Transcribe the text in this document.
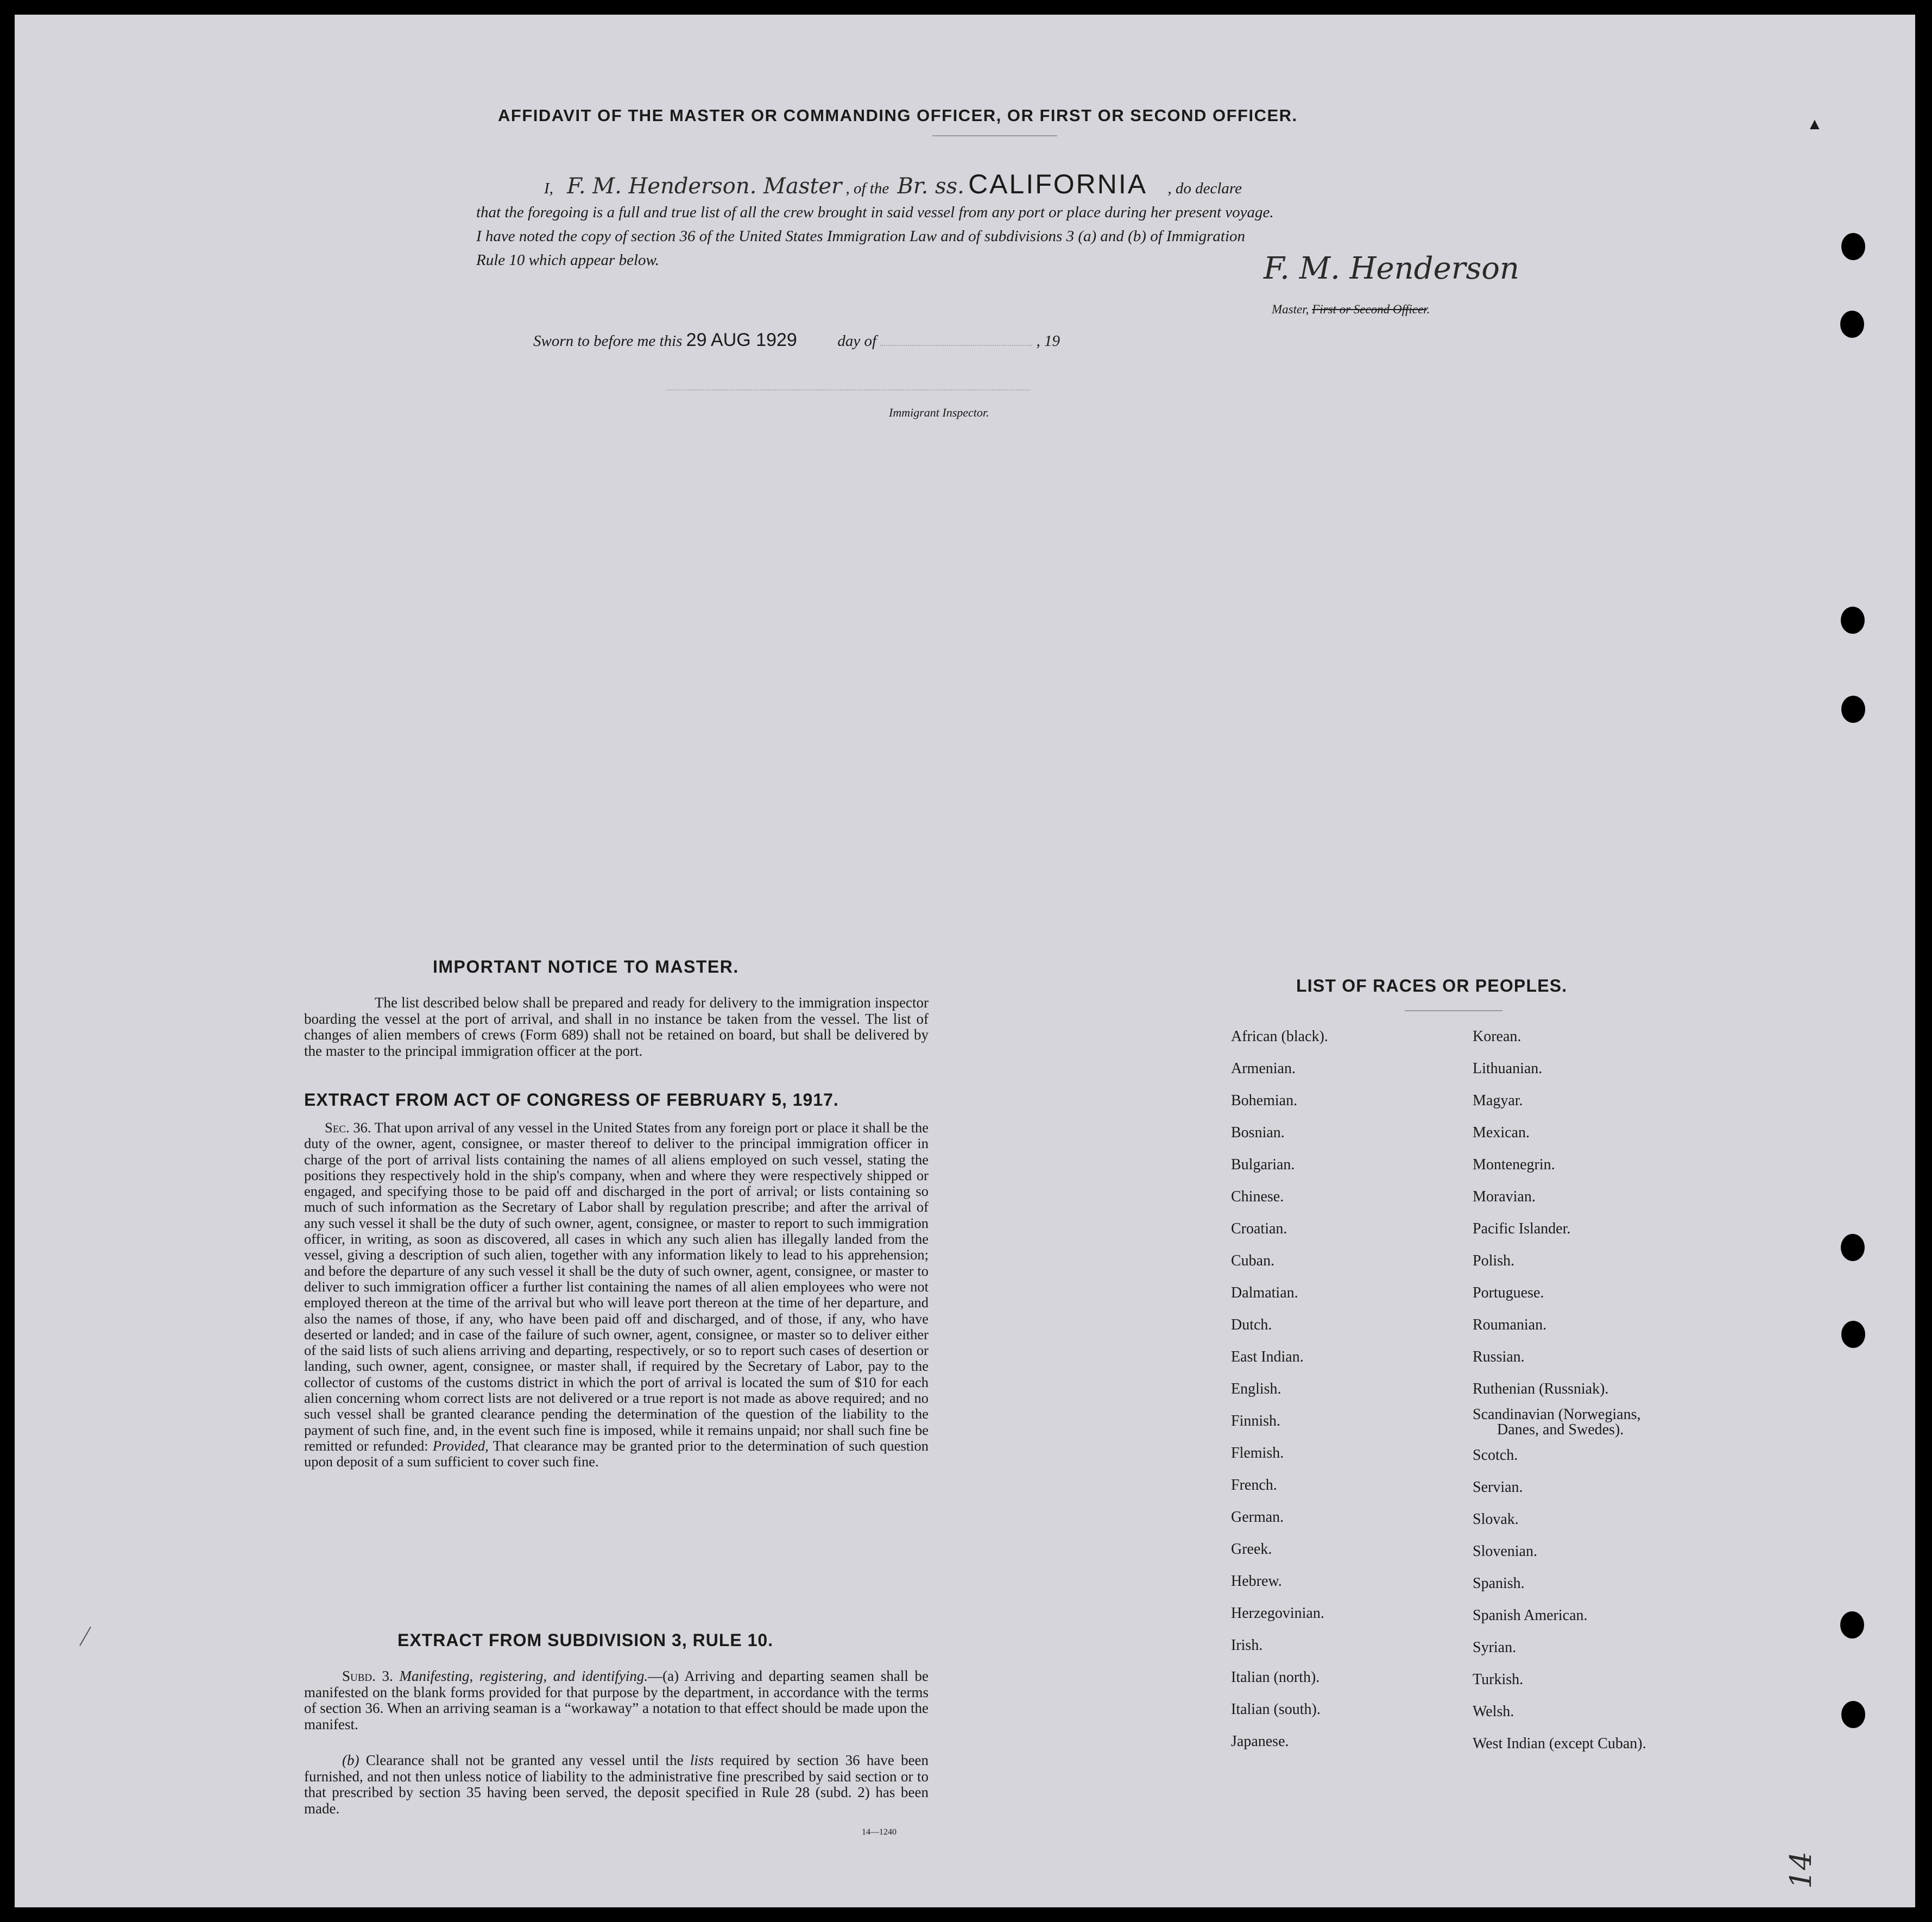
AFFIDAVIT OF THE MASTER OR COMMANDING OFFICER, OR FIRST OR SECOND OFFICER.
I, F. M. Henderson. Master , of the Br. ss. CALIFORNIA , do declare
that the foregoing is a full and true list of all the crew brought in said vessel from any port or place during her present voyage.
I have noted the copy of section 36 of the United States Immigration Law and of subdivisions 3 (a) and (b) of Immigration
Rule 10 which appear below.	F. M. Henderson
Master, First or Second Officer.
Sworn to before me this 29 AUG 1929	day of	, 19
Immigrant Inspector.
IMPORTANT NOTICE TO MASTER.
The list described below shall be prepared and ready for delivery to the immigration inspector boarding the vessel at the port of arrival, and shall in no instance be taken from the vessel. The list of changes of alien members of crews (Form 689) shall not be retained on board, but shall be delivered by the master to the principal immigration officer at the port.
EXTRACT FROM ACT OF CONGRESS OF FEBRUARY 5, 1917.
Sec. 36. That upon arrival of any vessel in the United States from any foreign port or place it shall be the duty of the owner, agent, consignee, or master thereof to deliver to the principal immigration officer in charge of the port of arrival lists containing the names of all aliens employed on such vessel, stating the positions they respectively hold in the ship's company, when and where they were respectively shipped or engaged, and specifying those to be paid off and discharged in the port of arrival; or lists containing so much of such information as the Secretary of Labor shall by regulation prescribe; and after the arrival of any such vessel it shall be the duty of such owner, agent, consignee, or master to report to such immigration officer, in writing, as soon as discovered, all cases in which any such alien has illegally landed from the vessel, giving a description of such alien, together with any information likely to lead to his apprehension; and before the departure of any such vessel it shall be the duty of such owner, agent, consignee, or master to deliver to such immigration officer a further list containing the names of all alien employees who were not employed thereon at the time of the arrival but who will leave port thereon at the time of her departure, and also the names of those, if any, who have been paid off and discharged, and of those, if any, who have deserted or landed; and in case of the failure of such owner, agent, consignee, or master so to deliver either of the said lists of such aliens arriving and departing, respectively, or so to report such cases of desertion or landing, such owner, agent, consignee, or master shall, if required by the Secretary of Labor, pay to the collector of customs of the customs district in which the port of arrival is located the sum of $10 for each alien concerning whom correct lists are not delivered or a true report is not made as above required; and no such vessel shall be granted clearance pending the determination of the question of the liability to the payment of such fine, and, in the event such fine is imposed, while it remains unpaid; nor shall such fine be remitted or refunded: Provided, That clearance may be granted prior to the determination of such question upon deposit of a sum sufficient to cover such fine.
EXTRACT FROM SUBDIVISION 3, RULE 10.
Subd. 3. Manifesting, registering, and identifying.—(a) Arriving and departing seamen shall be manifested on the blank forms provided for that purpose by the department, in accordance with the terms of section 36. When an arriving seaman is a “workaway” a notation to that effect should be made upon the manifest.
(b) Clearance shall not be granted any vessel until the lists required by section 36 have been furnished, and not then unless notice of liability to the administrative fine prescribed by said section or to that prescribed by section 35 having been served, the deposit specified in Rule 28 (subd. 2) has been made.
14—1240
LIST OF RACES OR PEOPLES.
African (black).
Armenian.
Bohemian.
Bosnian.
Bulgarian.
Chinese.
Croatian.
Cuban.
Dalmatian.
Dutch.
East Indian.
English.
Finnish.
Flemish.
French.
German.
Greek.
Hebrew.
Herzegovinian.
Irish.
Italian (north).
Italian (south).
Japanese.
Korean.
Lithuanian.
Magyar.
Mexican.
Montenegrin.
Moravian.
Pacific Islander.
Polish.
Portuguese.
Roumanian.
Russian.
Ruthenian (Russniak).
Scandinavian (Norwegians,
Danes, and Swedes).
Scotch.
Servian.
Slovak.
Slovenian.
Spanish.
Spanish American.
Syrian.
Turkish.
Welsh.
West Indian (except Cuban).
▲
14
